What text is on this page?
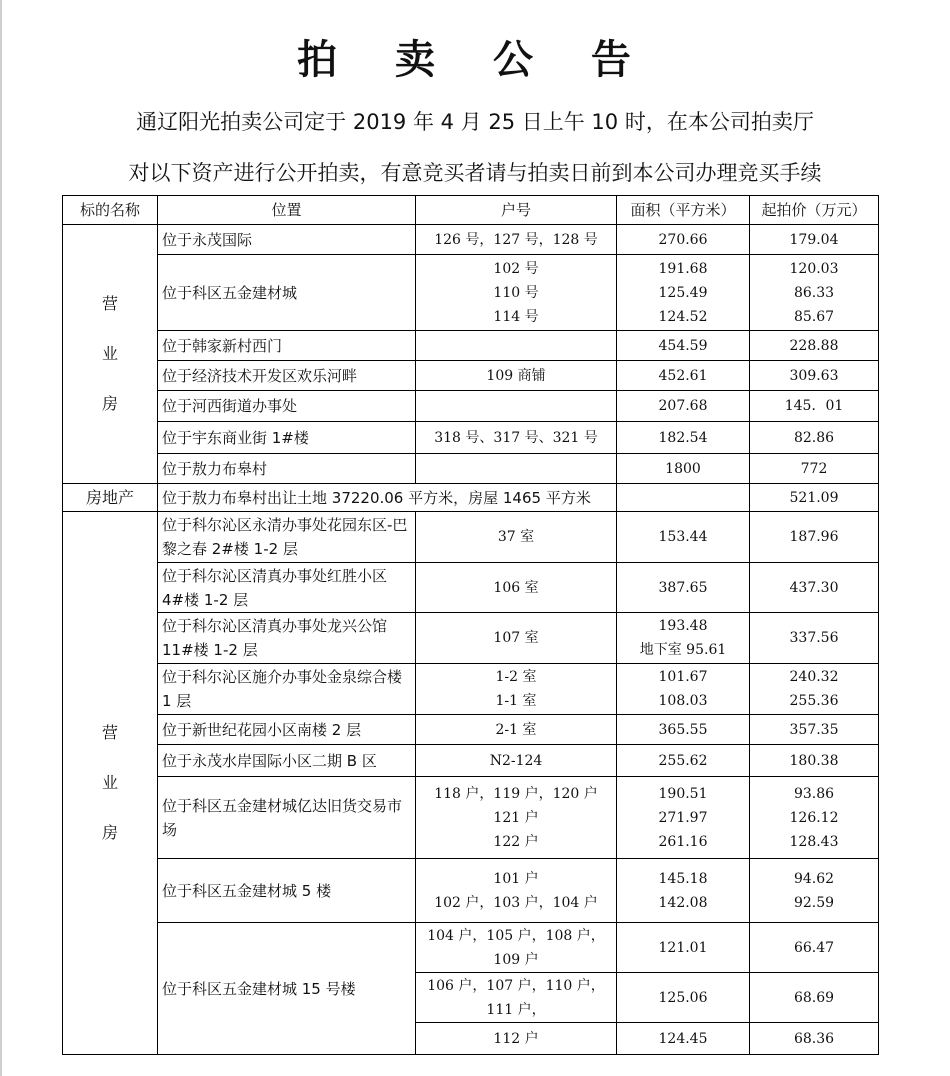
拍 卖 公 告
通辽阳光拍卖公司定于 2019 年 4 月 25 日上午 10 时，在本公司拍卖厅
对以下资产进行公开拍卖，有意竞买者请与拍卖日前到本公司办理竞买手续
标的名称	位置	户号	面积（平方米）	起拍价（万元）

营
业
房	位于永茂国际	126 号，127 号，128 号	270.66	179.04

	位于科区五金建材城	102 号
110 号
114 号	191.68
125.49
124.52	120.03
86.33
85.67

	位于韩家新村西门		454.59	228.88

	位于经济技术开发区欢乐河畔	109 商铺	452.61	309.63

	位于河西街道办事处		207.68	145．01

	位于宇东商业街 1#楼	318 号、317 号、321 号	182.54	82.86

	位于敖力布皋村		1800	772

房地产	位于敖力布皋村出让土地 37220.06 平方米，房屋 1465 平方米			521.09

营
业
房	位于科尔沁区永清办事处花园东区-巴黎之春 2#楼 1-2 层	37 室	153.44	187.96

	位于科尔沁区清真办事处红胜小区 4#楼 1-2 层	106 室	387.65	437.30

	位于科尔沁区清真办事处龙兴公馆 11#楼 1-2 层	107 室	193.48
地下室 95.61	337.56

	位于科尔沁区施介办事处金泉综合楼 1 层	1-2 室
1-1 室	101.67
108.03	240.32
255.36

	位于新世纪花园小区南楼 2 层	2-1 室	365.55	357.35

	位于永茂水岸国际小区二期 B 区	N2-124	255.62	180.38

	位于科区五金建材城亿达旧货交易市场	118 户，119 户，120 户
121 户
122 户	190.51
271.97
261.16	93.86
126.12
128.43

	位于科区五金建材城 5 楼	101 户
102 户，103 户，104 户	145.18
142.08	94.62
92.59

	位于科区五金建材城 15 号楼	104 户，105 户，108 户，
109 户	121.01	66.47

		106 户，107 户，110 户，
111 户，	125.06	68.69

		112 户	124.45	68.36
